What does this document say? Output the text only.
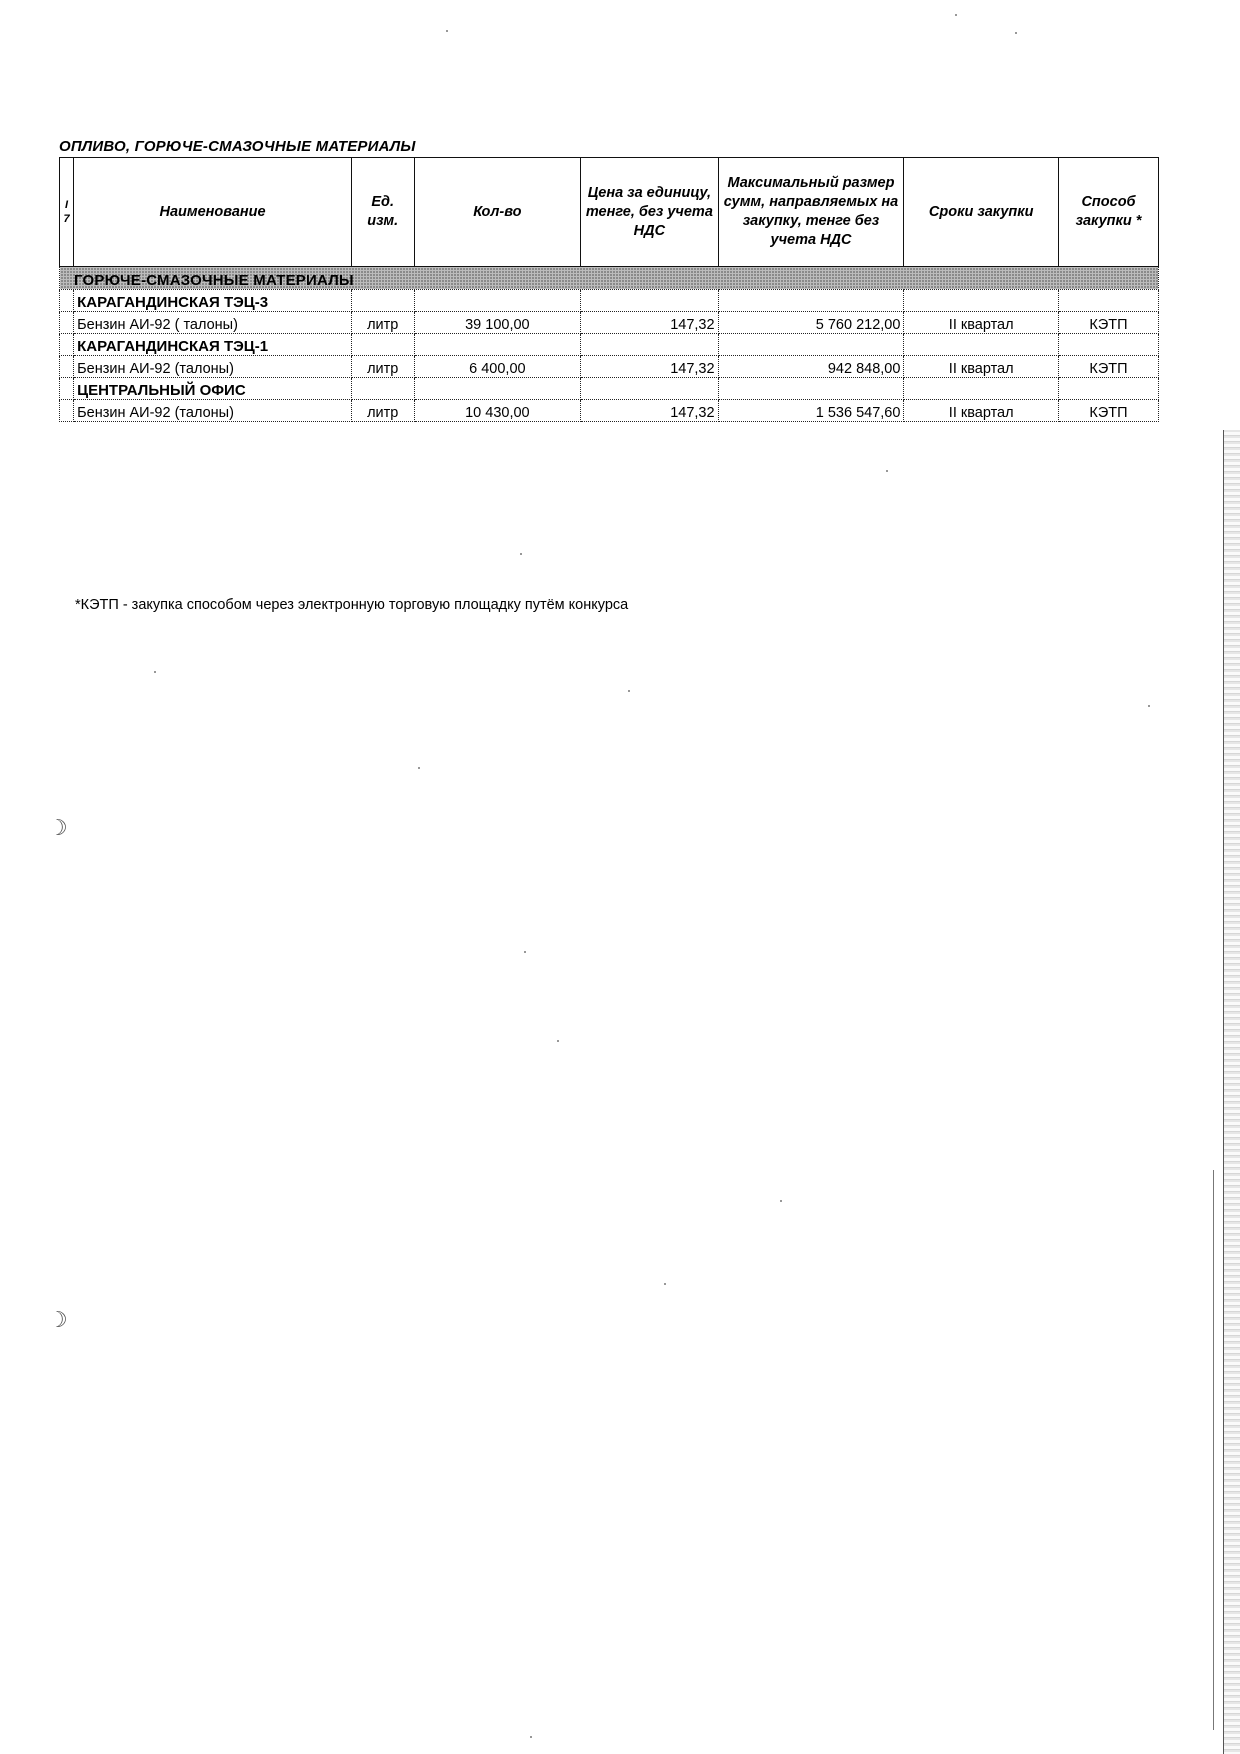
ОПЛИВО, ГОРЮЧЕ-СМАЗОЧНЫЕ МАТЕРИАЛЫ
I
7	Наименование	Ед. изм.	Кол-во	Цена за единицу, тенге, без учета НДС	Максимальный размер сумм, направляемых на закупку, тенге без учета НДС	Сроки закупки	Способ закупки *
ГОРЮЧЕ-СМАЗОЧНЫЕ МАТЕРИАЛЫ							
	КАРАГАНДИНСКАЯ ТЭЦ-3						
	Бензин АИ-92 ( талоны)	литр	39 100,00	147,32	5 760 212,00	II квартал	КЭТП
	КАРАГАНДИНСКАЯ ТЭЦ-1						
	Бензин АИ-92 (талоны)	литр	6 400,00	147,32	942 848,00	II квартал	КЭТП
	ЦЕНТРАЛЬНЫЙ ОФИС						
	Бензин АИ-92 (талоны)	литр	10 430,00	147,32	1 536 547,60	II квартал	КЭТП
*КЭТП - закупка способом через электронную торговую площадку путём конкурса
☽
☽
